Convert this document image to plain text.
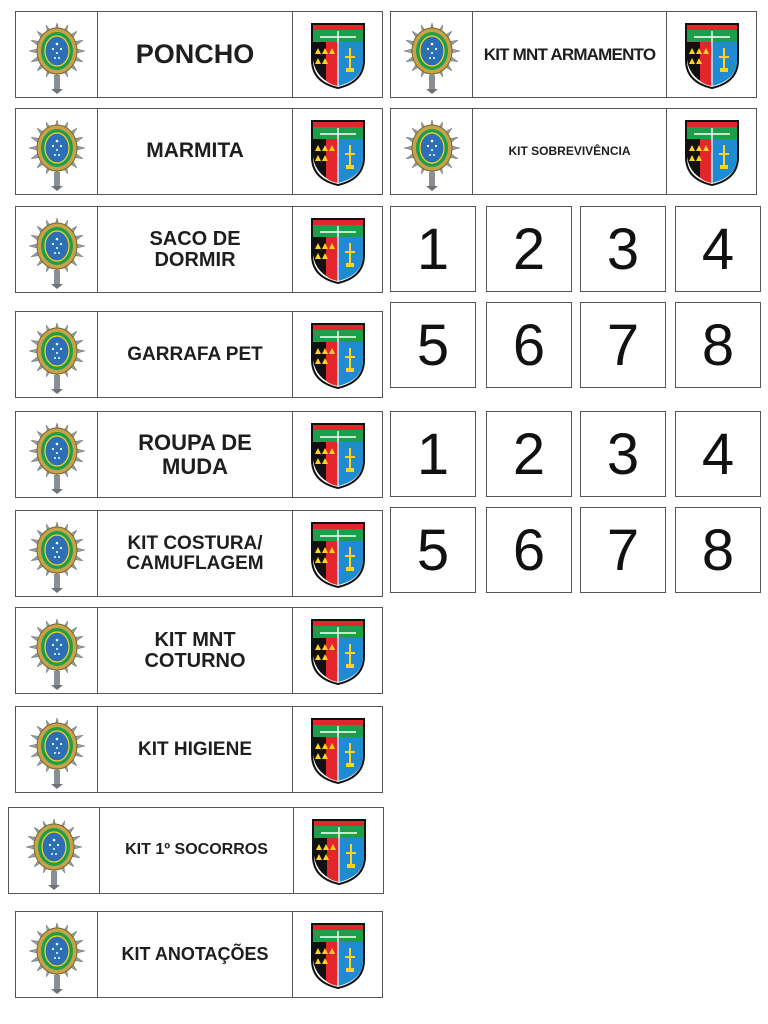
PONCHO
MARMITA
SACO DE
DORMIR
GARRAFA PET
ROUPA DE
MUDA
KIT COSTURA/
CAMUFLAGEM
KIT MNT
COTURNO
KIT HIGIENE
KIT 1º SOCORROS
KIT ANOTAÇÕES
KIT MNT ARMAMENTO
KIT SOBREVIVÊNCIA
1	2	3	4
5	6	7	8
1	2	3	4
5	6	7	8
